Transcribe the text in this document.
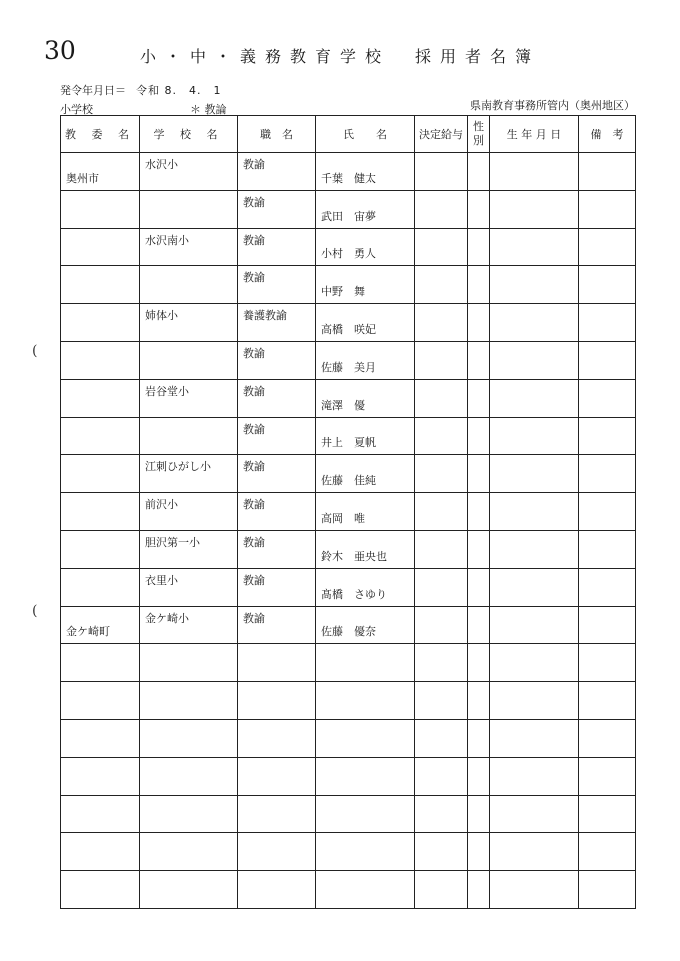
30	小・中・義務教育学校　採用者名簿
発令年月日＝ 令和 8.　4.　1
小学校	＊ 教論	県南教育事務所管内（奥州地区）
(
(
教 委 名	学 校 名	職　名	氏　　名	決定給与	性別	生 年 月 日	備　考

奥州市	水沢小	教諭	千葉　健太				

		教諭	武田　宙夢				

	水沢南小	教諭	小村　勇人				

		教諭	中野　舞				

	姉体小	養護教諭	高橋　咲妃				

		教諭	佐藤　美月				

	岩谷堂小	教諭	滝澤　優				

		教諭	井上　夏帆				

	江刺ひがし小	教諭	佐藤　佳純				

	前沢小	教諭	高岡　唯				

	胆沢第一小	教諭	鈴木　亜央也				

	衣里小	教諭	髙橋　さゆり				

金ケ崎町	金ケ崎小	教諭	佐藤　優奈				
